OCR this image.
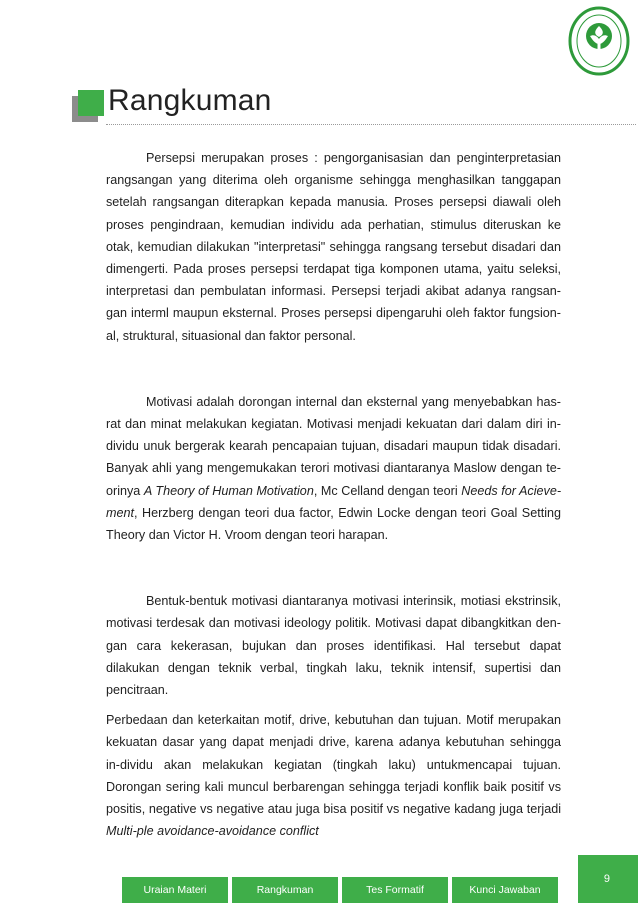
Rangkuman

Persepsi merupakan proses : pengorganisasian dan penginterpretasian rangsangan yang diterima oleh organisme sehingga menghasilkan tanggapan setelah rangsangan diterapkan kepada manusia. Proses persepsi diawali oleh proses pengindraan, kemudian individu ada perhatian, stimulus diteruskan ke otak, kemudian dilakukan "interpretasi" sehingga rangsang tersebut disadari dan dimengerti. Pada proses persepsi terdapat tiga komponen utama, yaitu seleksi, interpretasi dan pembulatan informasi. Persepsi terjadi akibat adanya rangsan-gan interml maupun eksternal. Proses persepsi dipengaruhi oleh faktor fungsion-al, struktural, situasional dan faktor personal.

Motivasi adalah dorongan internal dan eksternal yang menyebabkan has-rat dan minat melakukan kegiatan. Motivasi menjadi kekuatan dari dalam diri in-dividu unuk bergerak kearah pencapaian tujuan, disadari maupun tidak disadari. Banyak ahli yang mengemukakan terori motivasi diantaranya Maslow dengan te-orinya A Theory of Human Motivation, Mc Celland dengan teori Needs for Acieve-ment, Herzberg dengan teori dua factor, Edwin Locke dengan teori Goal Setting Theory dan Victor H. Vroom dengan teori harapan.

Bentuk-bentuk motivasi diantaranya motivasi interinsik, motiasi ekstrinsik, motivasi terdesak dan motivasi ideology politik. Motivasi dapat dibangkitkan den-gan cara kekerasan, bujukan dan proses identifikasi. Hal tersebut dapat dilakukan dengan teknik verbal, tingkah laku, teknik intensif, supertisi dan pencitraan.

Perbedaan dan keterkaitan motif, drive, kebutuhan dan tujuan. Motif merupakan kekuatan dasar yang dapat menjadi drive, karena adanya kebutuhan sehingga in-dividu akan melakukan kegiatan (tingkah laku) untukmencapai tujuan. Dorongan sering kali muncul berbarengan sehingga terjadi konflik baik positif vs positis, negative vs negative atau juga bisa positif vs negative kadang juga terjadi Multi-ple avoidance-avoidance conflict

Uraian Materi	Rangkuman	Tes Formatif	Kunci Jawaban
9
